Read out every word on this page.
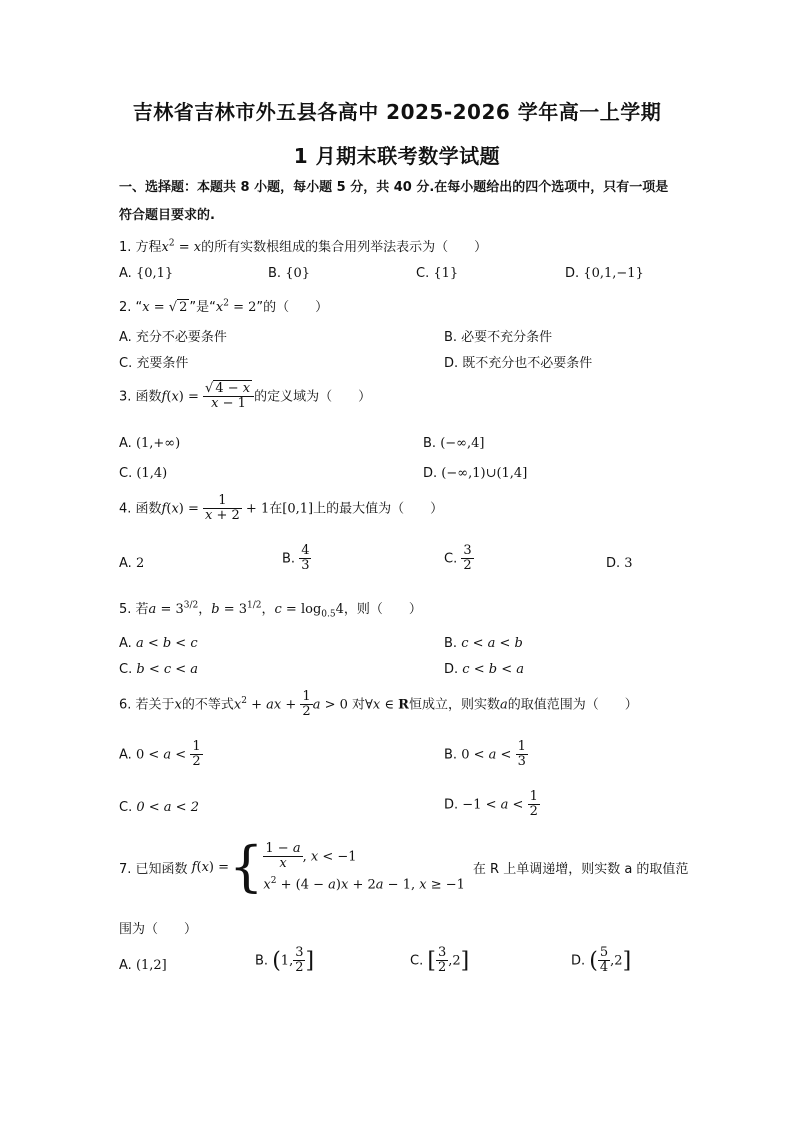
吉林省吉林市外五县各高中 2025-2026 学年高一上学期
1 月期末联考数学试题
一、选择题：本题共 8 小题，每小题 5 分，共 40 分.在每小题给出的四个选项中，只有一项是符合题目要求的.
1. 方程$x^2 = x$的所有实数根组成的集合用列举法表示为（　　）
A. {0,1}	B. {0}	C. {1}	D. {0,1,−1}
2. “x = √ 2 ”是“$x^2 = 2$”的（　　）
A. 充分不必要条件	B. 必要不充分条件
C. 充要条件	D. 既不充分也不必要条件
3. 函数$f(x) = \frac{√ 4 - x}{x - 1}$ 的定义域为（　　）
A. (1,+∞)	B. (−∞,4]
C. (1,4)	D. (−∞,1)∪(1,4]
4. 函数$f(x) = \frac{1}{x + 2} + 1$在[0,1]上的最大值为（　　）
A. 2	B. $\frac{4}{3}$	C. $\frac{3}{2}$	D. 3
5. 若$a = 3^{3/2}$，$b = 3^{1/2}$，$c = \log_{0.5}4$，则（　　）
A. a < b < c	B. c < a < b
C. b < c < a	D. c < b < a
6. 若关于x的不等式$x^2$ + ax + $\frac{1}{2}$ a > 0 对∀x ∈ R恒成立，则实数a的取值范围为（　　）
A. $0 < a < \frac{1}{2}$	B. $0 < a < \frac{1}{3}$
C. 0 < a < 2	D. $-1 < a < \frac{1}{2}$
7. 已知函数 f ( x ) = { $\frac{1 - a}{x}$ , x < −1
$x^2 + (4 - a)x + 2a - 1$, x ≥ −1
在 R 上单调递增，则实数 a 的取值范
围为（　　）
A. (1,2]	B. (1, $\frac{3}{2}$ ]	C. [ $\frac{3}{2} ,2$]	D. ( $\frac{5}{4} ,2$]
